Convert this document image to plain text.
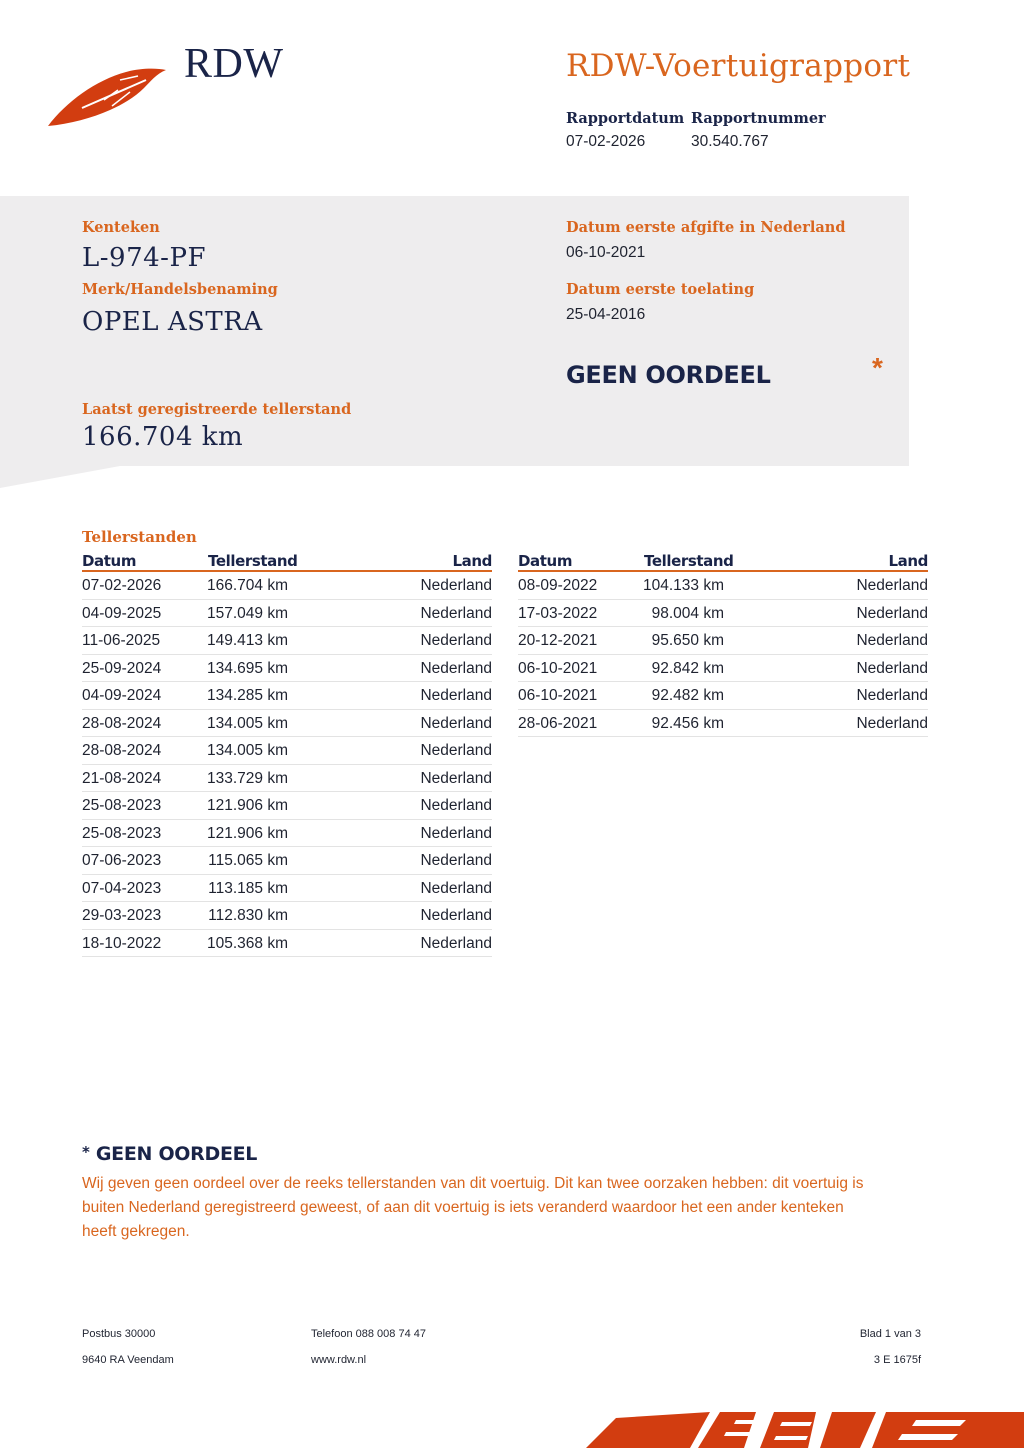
RDW	RDW-Voertuigrapport
Rapportdatum
07-02-2026
Rapportnummer
30.540.767
Kenteken
L-974-PF
Merk/Handelsbenaming
OPEL ASTRA
Laatst geregistreerde tellerstand
166.704 km
Datum eerste afgifte in Nederland
06-10-2021
Datum eerste toelating
25-04-2016
GEEN OORDEEL	*
Tellerstanden
Datum	Tellerstand	Land
07-02-2026	166.704 km	Nederland
04-09-2025	157.049 km	Nederland
11-06-2025	149.413 km	Nederland
25-09-2024	134.695 km	Nederland
04-09-2024	134.285 km	Nederland
28-08-2024	134.005 km	Nederland
28-08-2024	134.005 km	Nederland
21-08-2024	133.729 km	Nederland
25-08-2023	121.906 km	Nederland
25-08-2023	121.906 km	Nederland
07-06-2023	115.065 km	Nederland
07-04-2023	113.185 km	Nederland
29-03-2023	112.830 km	Nederland
18-10-2022	105.368 km	Nederland
Datum	Tellerstand	Land
08-09-2022	104.133 km	Nederland
17-03-2022	98.004 km	Nederland
20-12-2021	95.650 km	Nederland
06-10-2021	92.842 km	Nederland
06-10-2021	92.482 km	Nederland
28-06-2021	92.456 km	Nederland
* GEEN OORDEEL
Wij geven geen oordeel over de reeks tellerstanden van dit voertuig. Dit kan twee oorzaken hebben: dit voertuig is buiten Nederland geregistreerd geweest, of aan dit voertuig is iets veranderd waardoor het een ander kenteken heeft gekregen.
Postbus 30000
9640 RA Veendam
Telefoon 088 008 74 47
www.rdw.nl
Blad 1 van 3
3 E 1675f
